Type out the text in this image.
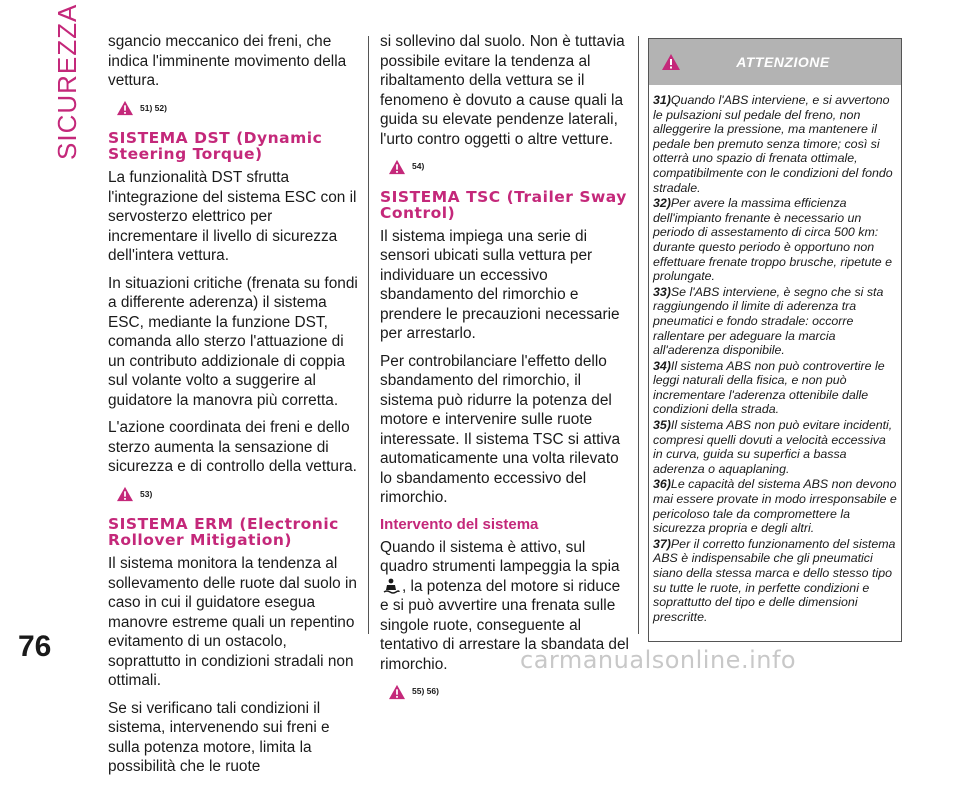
SICUREZZA	sgancio meccanico dei freni, che indica l'imminente movimento della vettura.

51) 52)
SISTEMA DST (Dynamic Steering Torque)

La funzionalità DST sfrutta l'integrazione del sistema ESC con il servosterzo elettrico per incrementare il livello di sicurezza dell'intera vettura.

In situazioni critiche (frenata su fondi a differente aderenza) il sistema ESC, mediante la funzione DST, comanda allo sterzo l'attuazione di un contributo addizionale di coppia sul volante volto a suggerire al guidatore la manovra più corretta.

L'azione coordinata dei freni e dello sterzo aumenta la sensazione di sicurezza e di controllo della vettura.

53)
SISTEMA ERM (Electronic Rollover Mitigation)

Il sistema monitora la tendenza al sollevamento delle ruote dal suolo in caso in cui il guidatore esegua manovre estreme quali un repentino evitamento di un ostacolo, soprattutto in condizioni stradali non ottimali.

Se si verificano tali condizioni il sistema, intervenendo sui freni e sulla potenza motore, limita la possibilità che le ruote

si sollevino dal suolo. Non è tuttavia possibile evitare la tendenza al ribaltamento della vettura se il fenomeno è dovuto a cause quali la guida su elevate pendenze laterali, l'urto contro oggetti o altre vetture.

54)
SISTEMA TSC (Trailer Sway Control)

Il sistema impiega una serie di sensori ubicati sulla vettura per individuare un eccessivo sbandamento del rimorchio e prendere le precauzioni necessarie per arrestarlo.

Per controbilanciare l'effetto dello sbandamento del rimorchio, il sistema può ridurre la potenza del motore e intervenire sulle ruote interessate. Il sistema TSC si attiva automaticamente una volta rilevato lo sbandamento eccessivo del rimorchio.

Intervento del sistema

Quando il sistema è attivo, sul quadro strumenti lampeggia la spia, la potenza del motore si riduce e si può avvertire una frenata sulle singole ruote, conseguente al tentativo di arrestare la sbandata del rimorchio.

55) 56)
ATTENZIONE
31)Quando l'ABS interviene, e si avvertono le pulsazioni sul pedale del freno, non alleggerire la pressione, ma mantenere il pedale ben premuto senza timore; così si otterrà uno spazio di frenata ottimale, compatibilmente con le condizioni del fondo stradale.
32)Per avere la massima efficienza dell'impianto frenante è necessario un periodo di assestamento di circa 500 km: durante questo periodo è opportuno non effettuare frenate troppo brusche, ripetute e prolungate.
33)Se l'ABS interviene, è segno che si sta raggiungendo il limite di aderenza tra pneumatici e fondo stradale: occorre rallentare per adeguare la marcia all'aderenza disponibile.
34)Il sistema ABS non può controvertire le leggi naturali della fisica, e non può incrementare l'aderenza ottenibile dalle condizioni della strada.
35)Il sistema ABS non può evitare incidenti, compresi quelli dovuti a velocità eccessiva in curva, guida su superfici a bassa aderenza o aquaplaning.
36)Le capacità del sistema ABS non devono mai essere provate in modo irresponsabile e pericoloso tale da compromettere la sicurezza propria e degli altri.
37)Per il corretto funzionamento del sistema ABS è indispensabile che gli pneumatici siano della stessa marca e dello stesso tipo su tutte le ruote, in perfette condizioni e soprattutto del tipo e delle dimensioni prescritte.
76	carmanualsonline.info
